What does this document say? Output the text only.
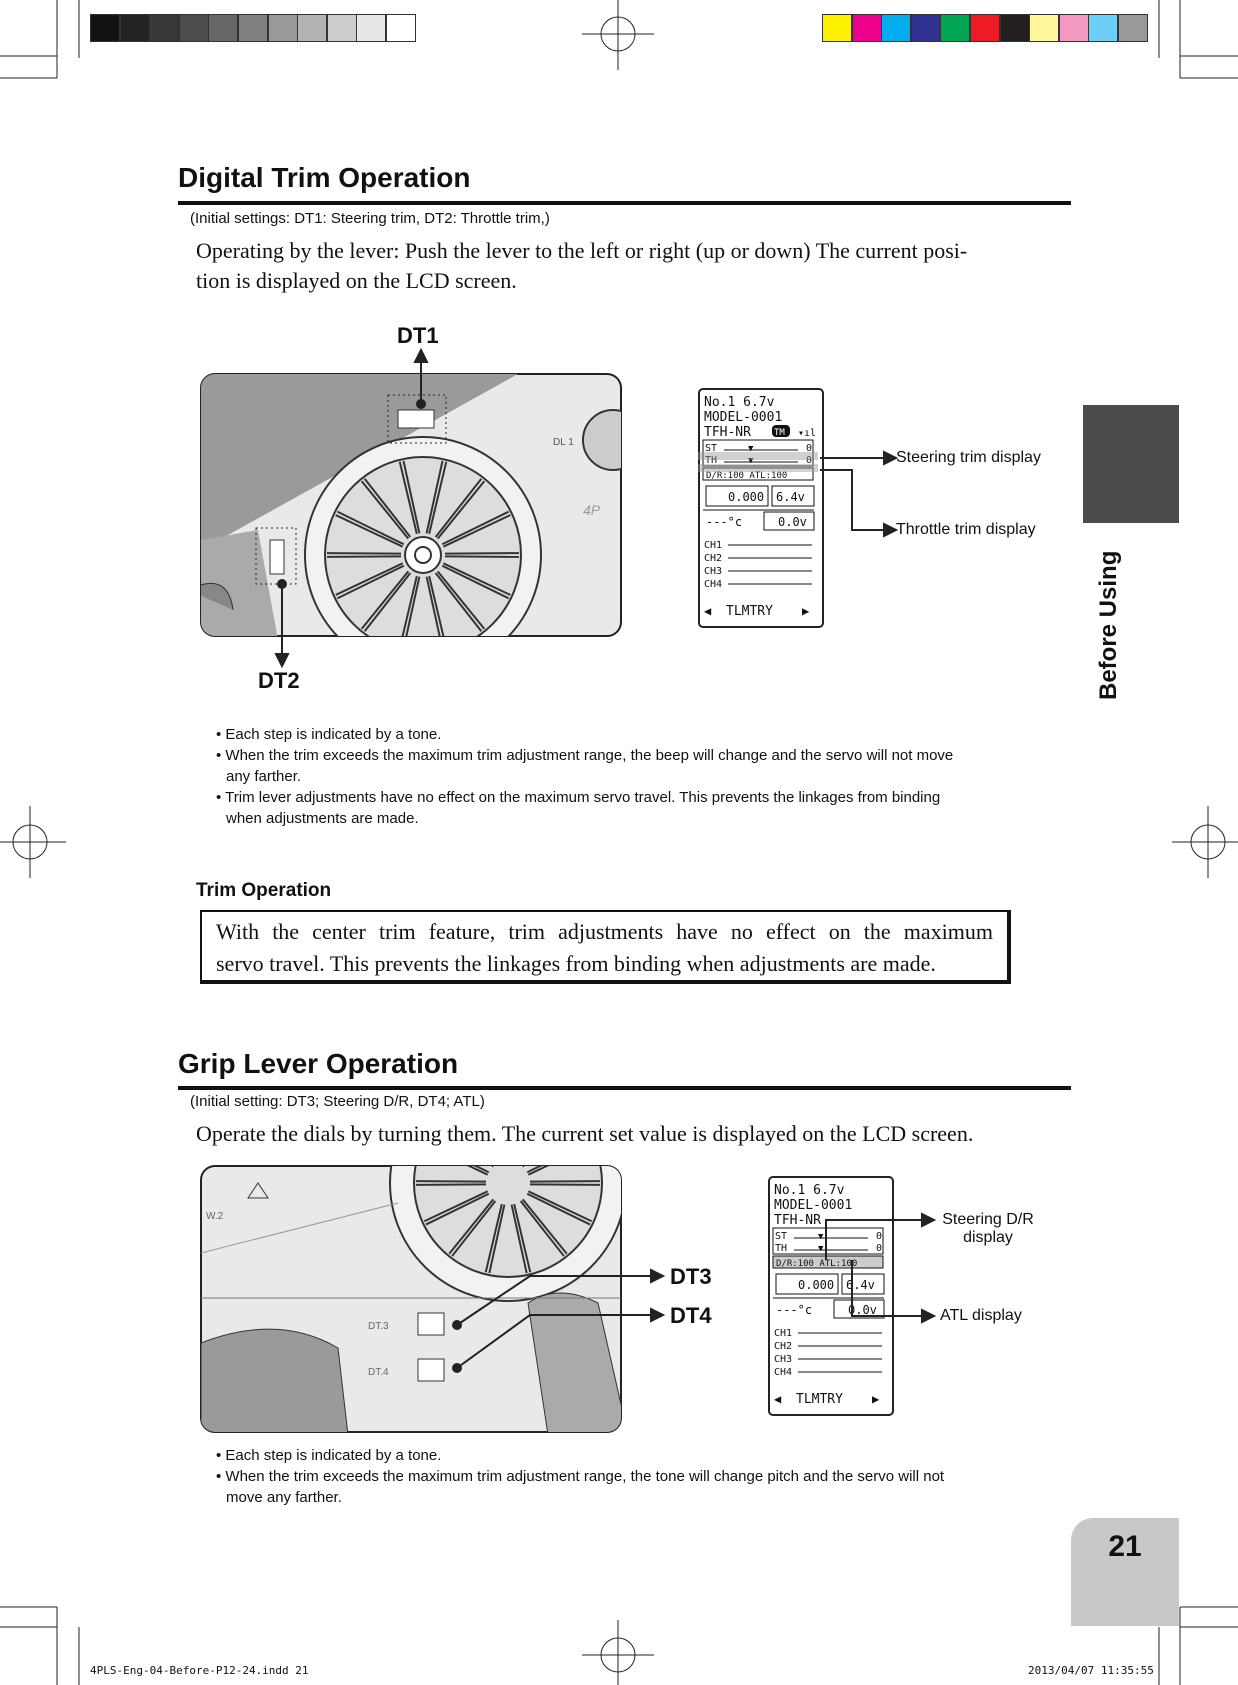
Digital Trim Operation
(Initial settings: DT1: Steering trim, DT2: Throttle trim,)
Operating by the lever: Push the lever to the left or right (up or down) The current posi-
tion is displayed on the LCD screen.
DT1
DT2
DL 1
4P
No.1 6.7v
MODEL-0001
TFH-NR	TM ▾ıl
ST
TH
0
0
▼
▼
D/R:100 ATL:100
0.000 6.4v
---°c	0.0v
CH1
CH2
CH3
CH4
◀ TLMTRY ▶
Steering trim display
Throttle trim display
• Each step is indicated by a tone.
• When the trim exceeds the maximum trim adjustment range, the beep will change and the servo will not move
any farther.
• Trim lever adjustments have no effect on the maximum servo travel. This prevents the linkages from binding
when adjustments are made.
Trim Operation
With the center trim feature, trim adjustments have no effect on the maximum
servo travel. This prevents the linkages from binding when adjustments are made.
Grip Lever Operation
(Initial setting: DT3; Steering D/R, DT4; ATL)
Operate the dials by turning them. The current set value is displayed on the LCD screen.
DT.3
DT.4
W.2
DT3
DT4
No.1 6.7v
MODEL-0001
TFH-NR
ST
TH
0
0
▼
▼
D/R:100 ATL:100
0.000 6.4v
---°c	0.0v
CH1
CH2
CH3
CH4
◀ TLMTRY ▶
Steering D/R
display
ATL display
• Each step is indicated by a tone.
• When the trim exceeds the maximum trim adjustment range, the tone will change pitch and the servo will not
move any farther.
Before Using
21
4PLS-Eng-04-Before-P12-24.indd 21	2013/04/07 11:35:55
